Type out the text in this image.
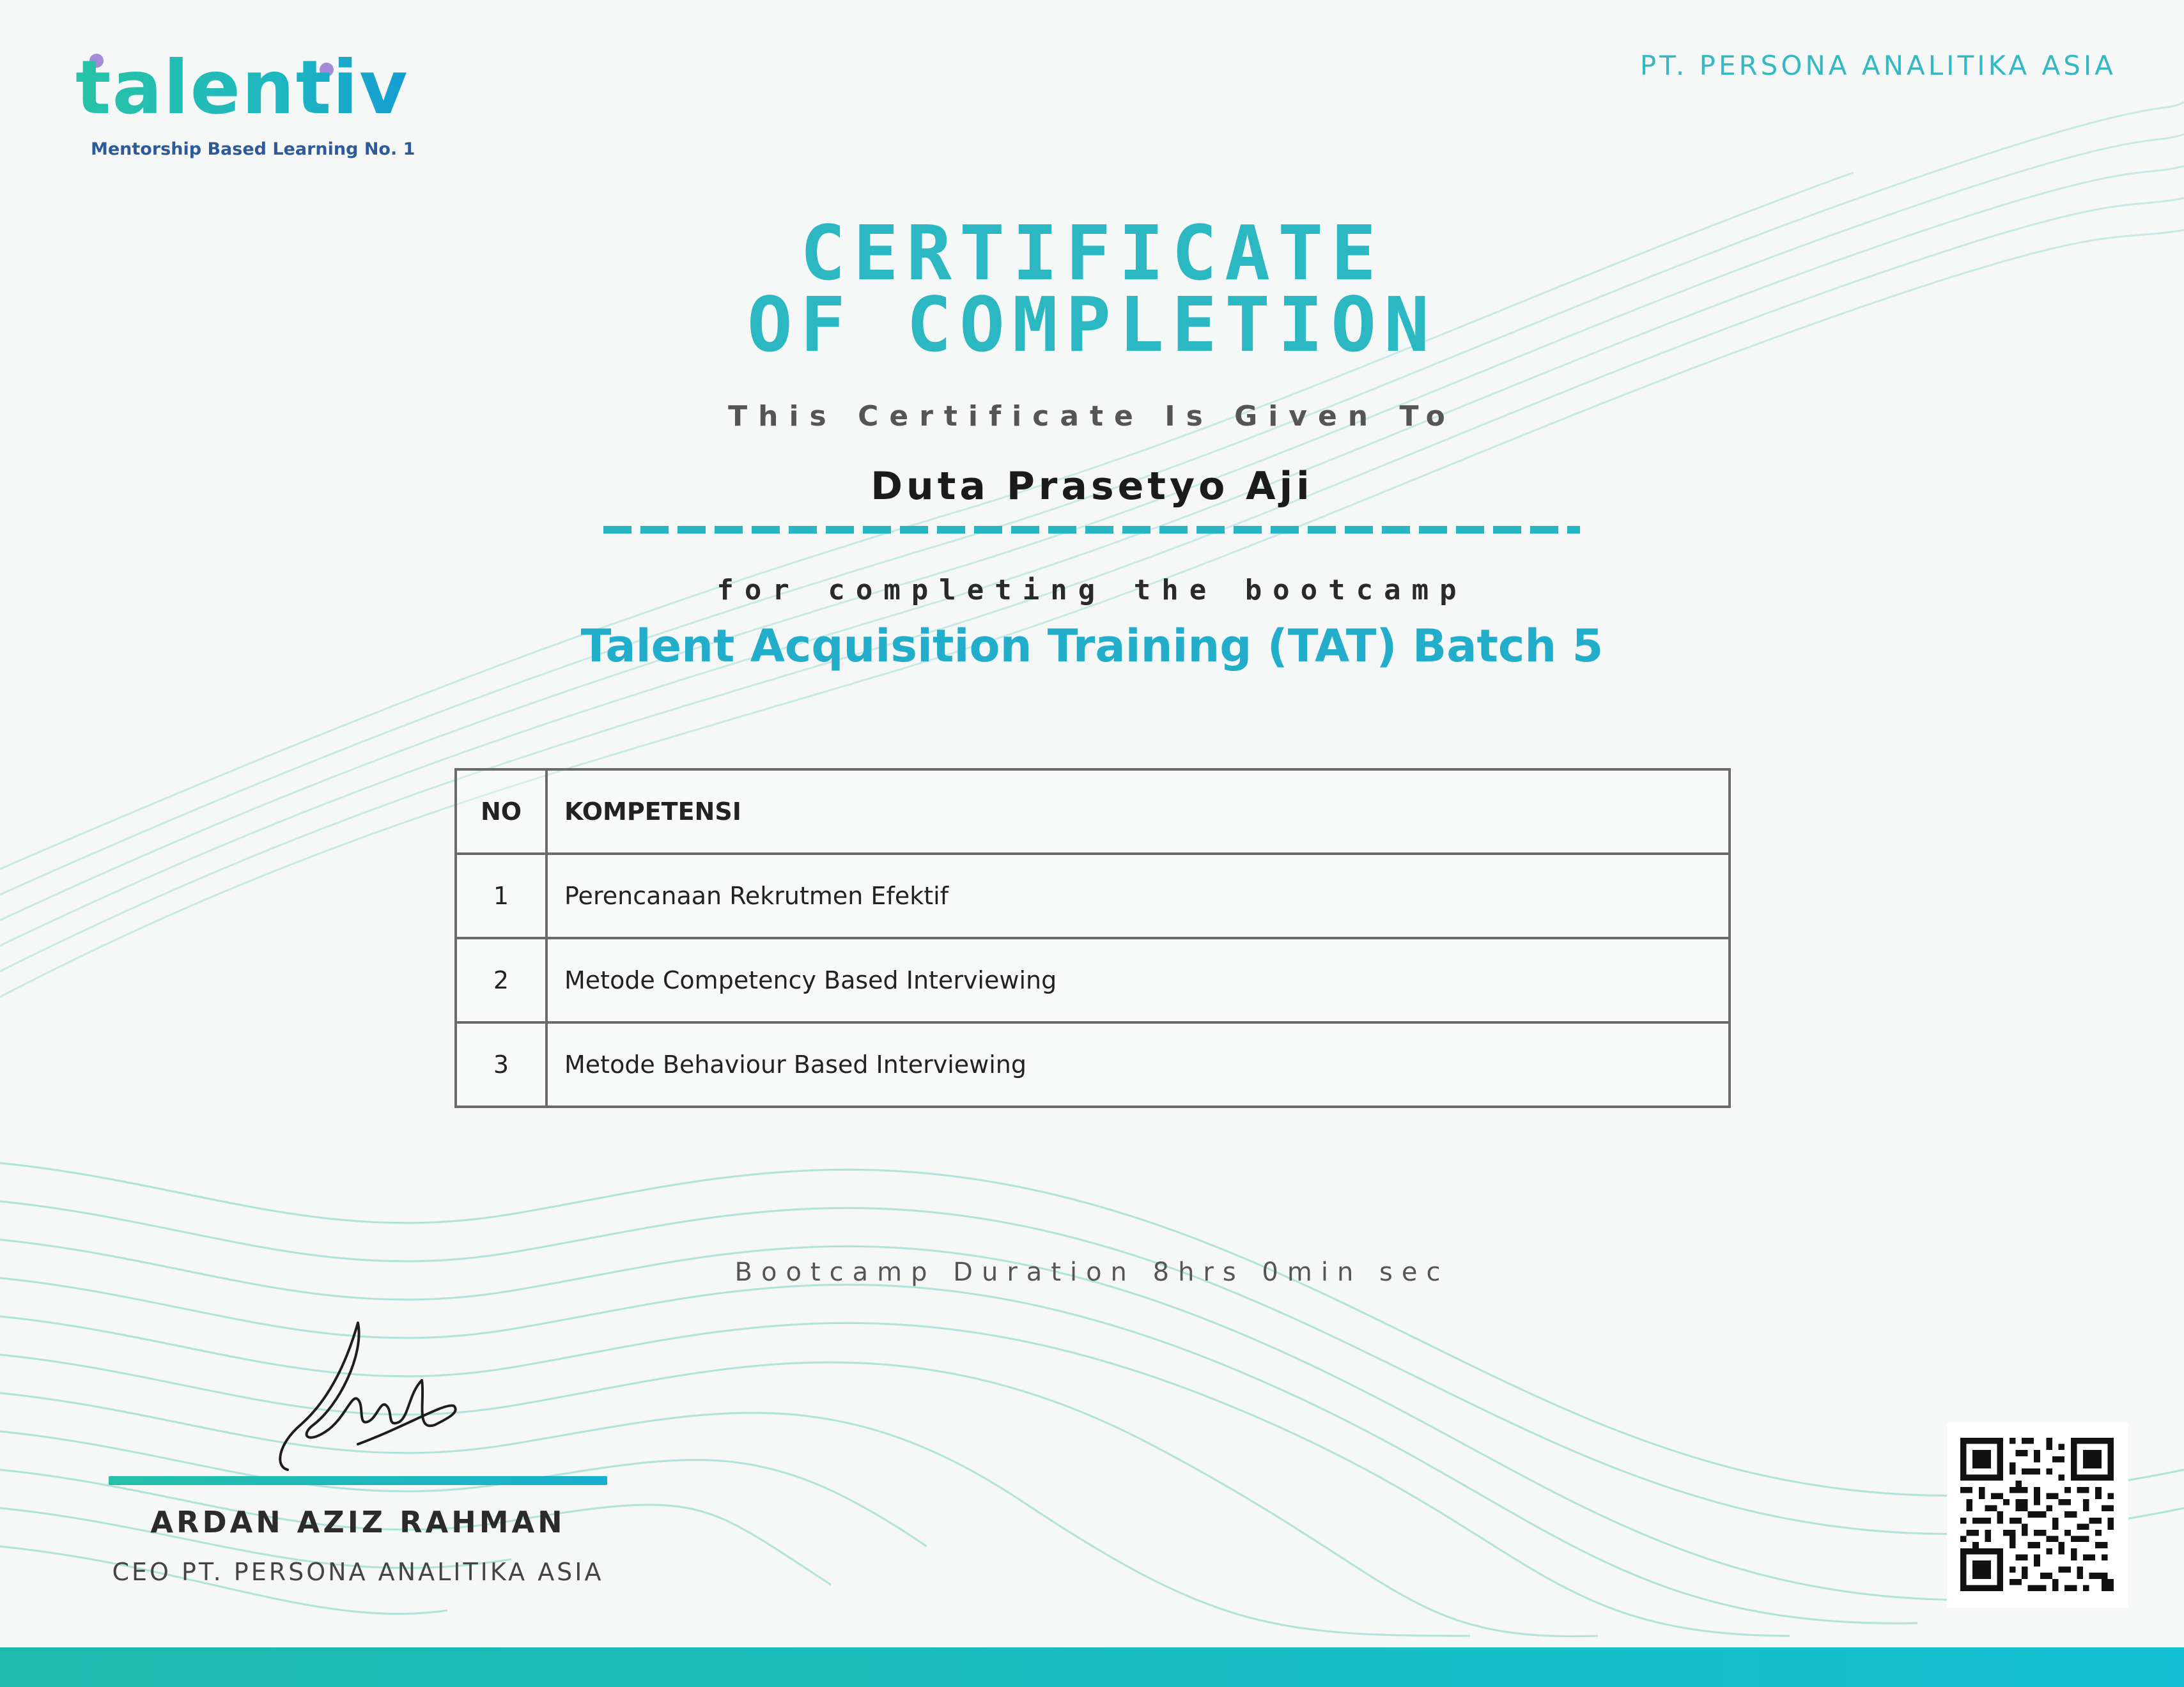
talentiv
Mentorship Based Learning No. 1
PT. PERSONA ANALITIKA ASIA
CERTIFICATE
OF COMPLETION
This Certificate Is Given To
Duta Prasetyo Aji
for completing the bootcamp
Talent Acquisition Training (TAT) Batch 5
NO	KOMPETENSI
1	Perencanaan Rekrutmen Efektif
2	Metode Competency Based Interviewing
3	Metode Behaviour Based Interviewing
Bootcamp Duration 8hrs 0min sec
ARDAN AZIZ RAHMAN
CEO PT. PERSONA ANALITIKA ASIA
